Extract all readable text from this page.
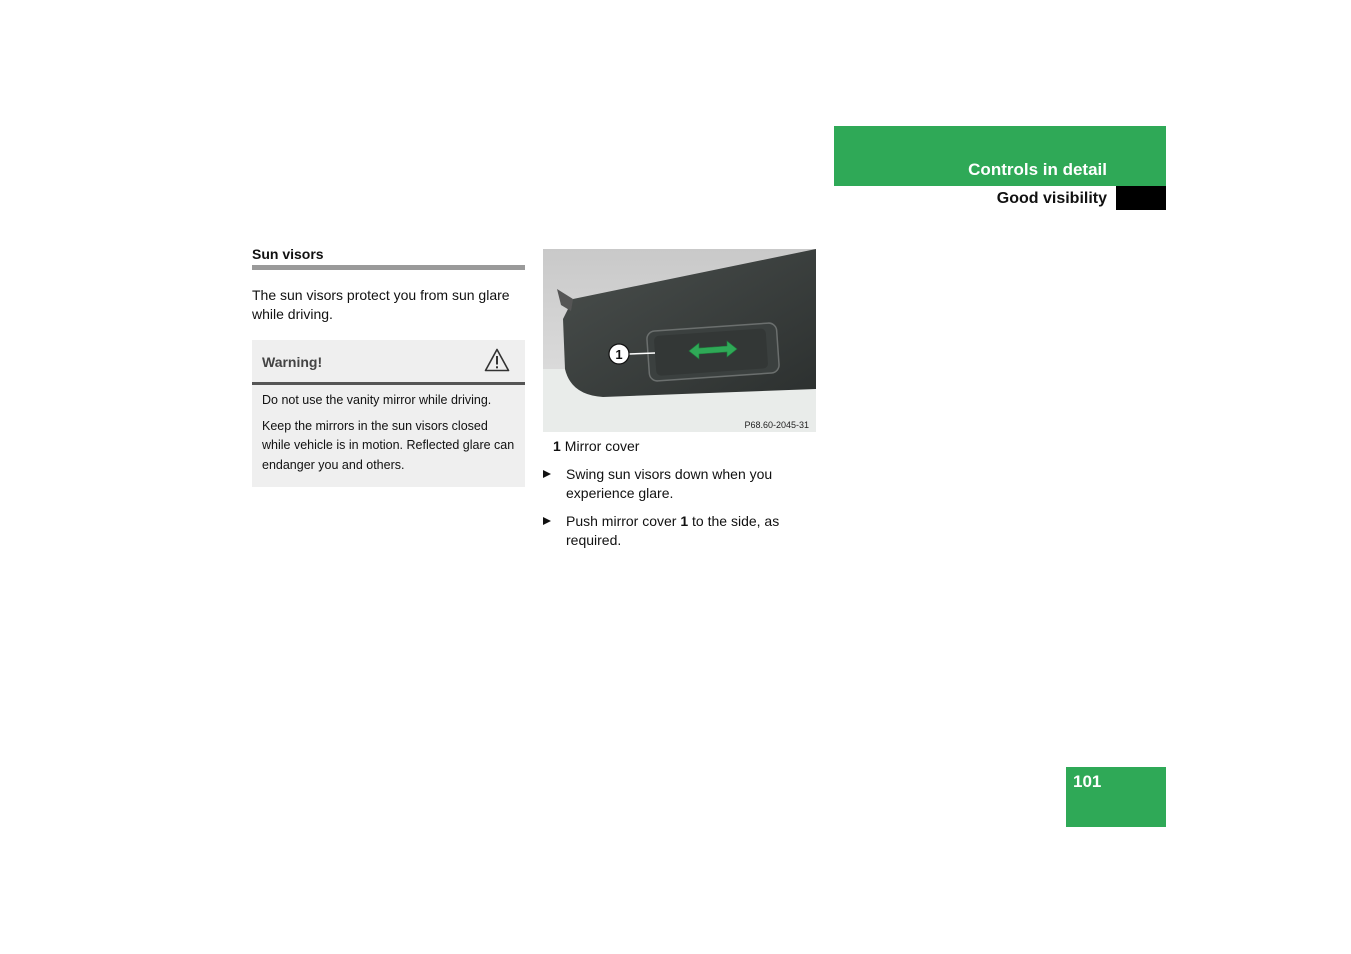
Controls in detail
Good visibility
Sun visors
The sun visors protect you from sun glare while driving.
Warning!

Do not use the vanity mirror while driving.

Keep the mirrors in the sun visors closed while vehicle is in motion. Reflected glare can endanger you and others.

1
P68.60-2045-31
1 Mirror cover
Swing sun visors down when you experience glare.
Push mirror cover 1 to the side, as required.
101
